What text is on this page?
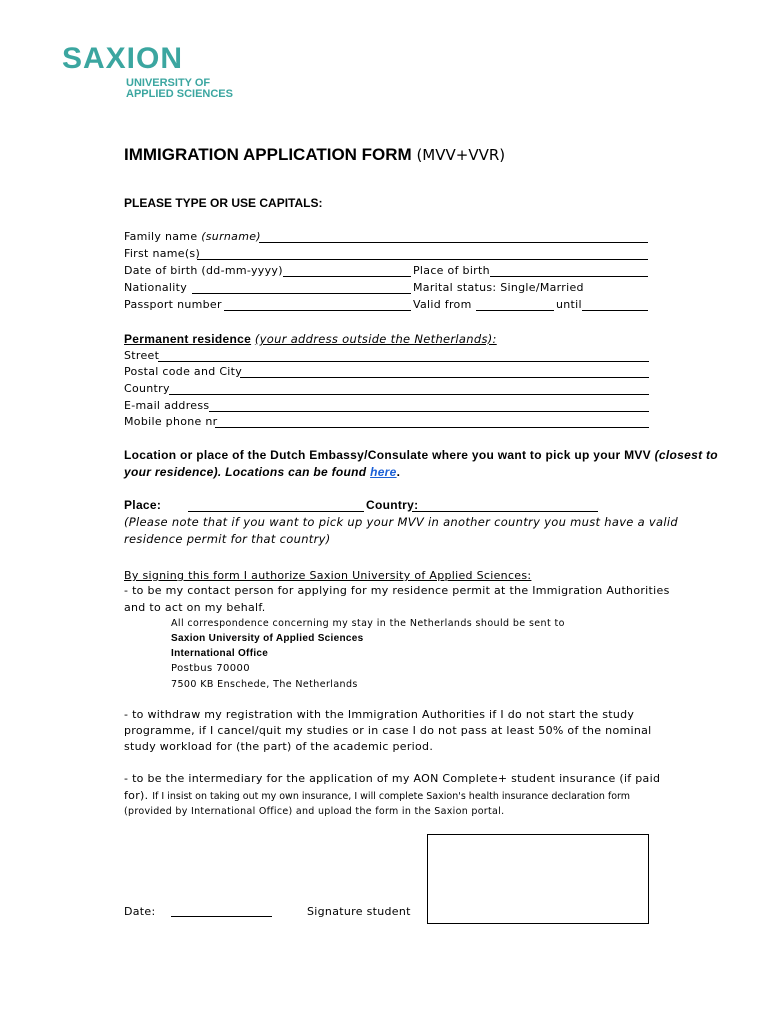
SAXION
UNIVERSITY OF
APPLIED SCIENCES
IMMIGRATION APPLICATION FORM (MVV+VVR)
PLEASE TYPE OR USE CAPITALS:
Family name (surname)
First name(s)
Date of birth (dd-mm-yyyy)	Place of birth
Nationality	Marital status: Single/Married
Passport number	Valid from	until
Permanent residence (your address outside the Netherlands):
Street
Postal code and City
Country
E-mail address
Mobile phone nr
Location or place of the Dutch Embassy/Consulate where you want to pick up your MVV (closest to
your residence). Locations can be found here.
Place:	Country:
(Please note that if you want to pick up your MVV in another country you must have a valid
residence permit for that country)
By signing this form I authorize Saxion University of Applied Sciences:
- to be my contact person for applying for my residence permit at the Immigration Authorities
and to act on my behalf.
All correspondence concerning my stay in the Netherlands should be sent to
Saxion University of Applied Sciences
International Office
Postbus 70000
7500 KB Enschede, The Netherlands
- to withdraw my registration with the Immigration Authorities if I do not start the study
programme, if I cancel/quit my studies or in case I do not pass at least 50% of the nominal
study workload for (the part) of the academic period.
- to be the intermediary for the application of my AON Complete+ student insurance (if paid
for). If I insist on taking out my own insurance, I will complete Saxion's health insurance declaration form
(provided by International Office) and upload the form in the Saxion portal.
Date:	Signature student
